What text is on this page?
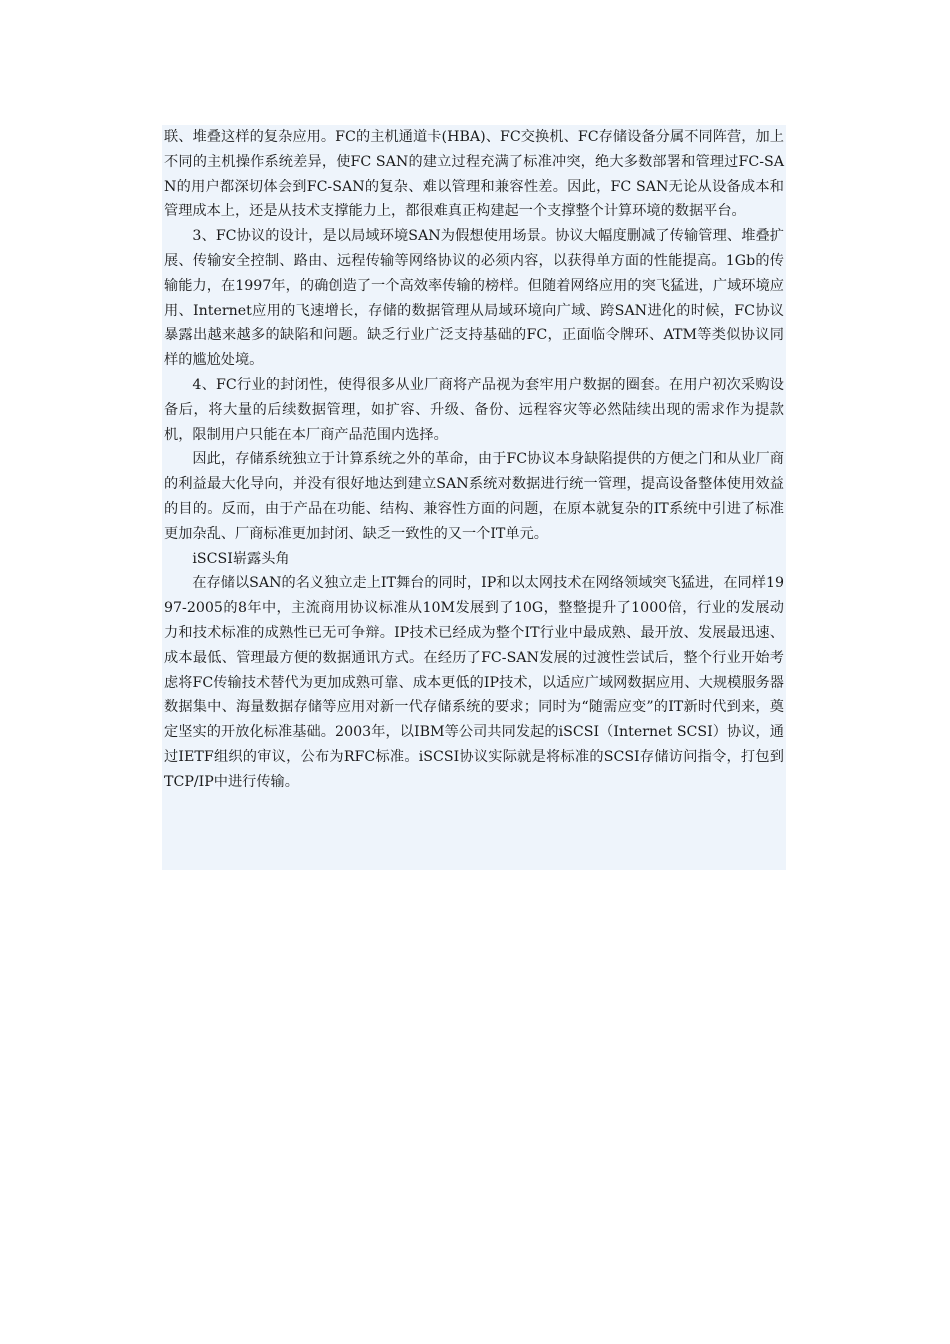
联、堆叠这样的复杂应用。FC的主机通道卡(HBA)、FC交换机、FC存储设备分属不同阵营，加上不同的主机操作系统差异，使FC SAN的建立过程充满了标准冲突，绝大多数部署和管理过FC-SAN的用户都深切体会到FC-SAN的复杂、难以管理和兼容性差。因此，FC SAN无论从设备成本和管理成本上，还是从技术支撑能力上，都很难真正构建起一个支撑整个计算环境的数据平台。

3、FC协议的设计，是以局域环境SAN为假想使用场景。协议大幅度删减了传输管理、堆叠扩展、传输安全控制、路由、远程传输等网络协议的必须内容，以获得单方面的性能提高。1Gb的传输能力，在1997年，的确创造了一个高效率传输的榜样。但随着网络应用的突飞猛进，广域环境应用、Internet应用的飞速增长，存储的数据管理从局域环境向广域、跨SAN进化的时候，FC协议暴露出越来越多的缺陷和问题。缺乏行业广泛支持基础的FC，正面临令牌环、ATM等类似协议同样的尴尬处境。

4、FC行业的封闭性，使得很多从业厂商将产品视为套牢用户数据的圈套。在用户初次采购设备后，将大量的后续数据管理，如扩容、升级、备份、远程容灾等必然陆续出现的需求作为提款机，限制用户只能在本厂商产品范围内选择。

因此，存储系统独立于计算系统之外的革命，由于FC协议本身缺陷提供的方便之门和从业厂商的利益最大化导向，并没有很好地达到建立SAN系统对数据进行统一管理，提高设备整体使用效益的目的。反而，由于产品在功能、结构、兼容性方面的问题，在原本就复杂的IT系统中引进了标准更加杂乱、厂商标准更加封闭、缺乏一致性的又一个IT单元。

iSCSI崭露头角

在存储以SAN的名义独立走上IT舞台的同时，IP和以太网技术在网络领域突飞猛进，在同样1997-2005的8年中，主流商用协议标准从10M发展到了10G，整整提升了1000倍，行业的发展动力和技术标准的成熟性已无可争辩。IP技术已经成为整个IT行业中最成熟、最开放、发展最迅速、成本最低、管理最方便的数据通讯方式。在经历了FC-SAN发展的过渡性尝试后，整个行业开始考虑将FC传输技术替代为更加成熟可靠、成本更低的IP技术，以适应广域网数据应用、大规模服务器数据集中、海量数据存储等应用对新一代存储系统的要求；同时为“随需应变”的IT新时代到来，奠定坚实的开放化标准基础。2003年，以IBM等公司共同发起的iSCSI（Internet SCSI）协议，通过IETF组织的审议，公布为RFC标准。iSCSI协议实际就是将标准的SCSI存储访问指令，打包到TCP/IP中进行传输。
